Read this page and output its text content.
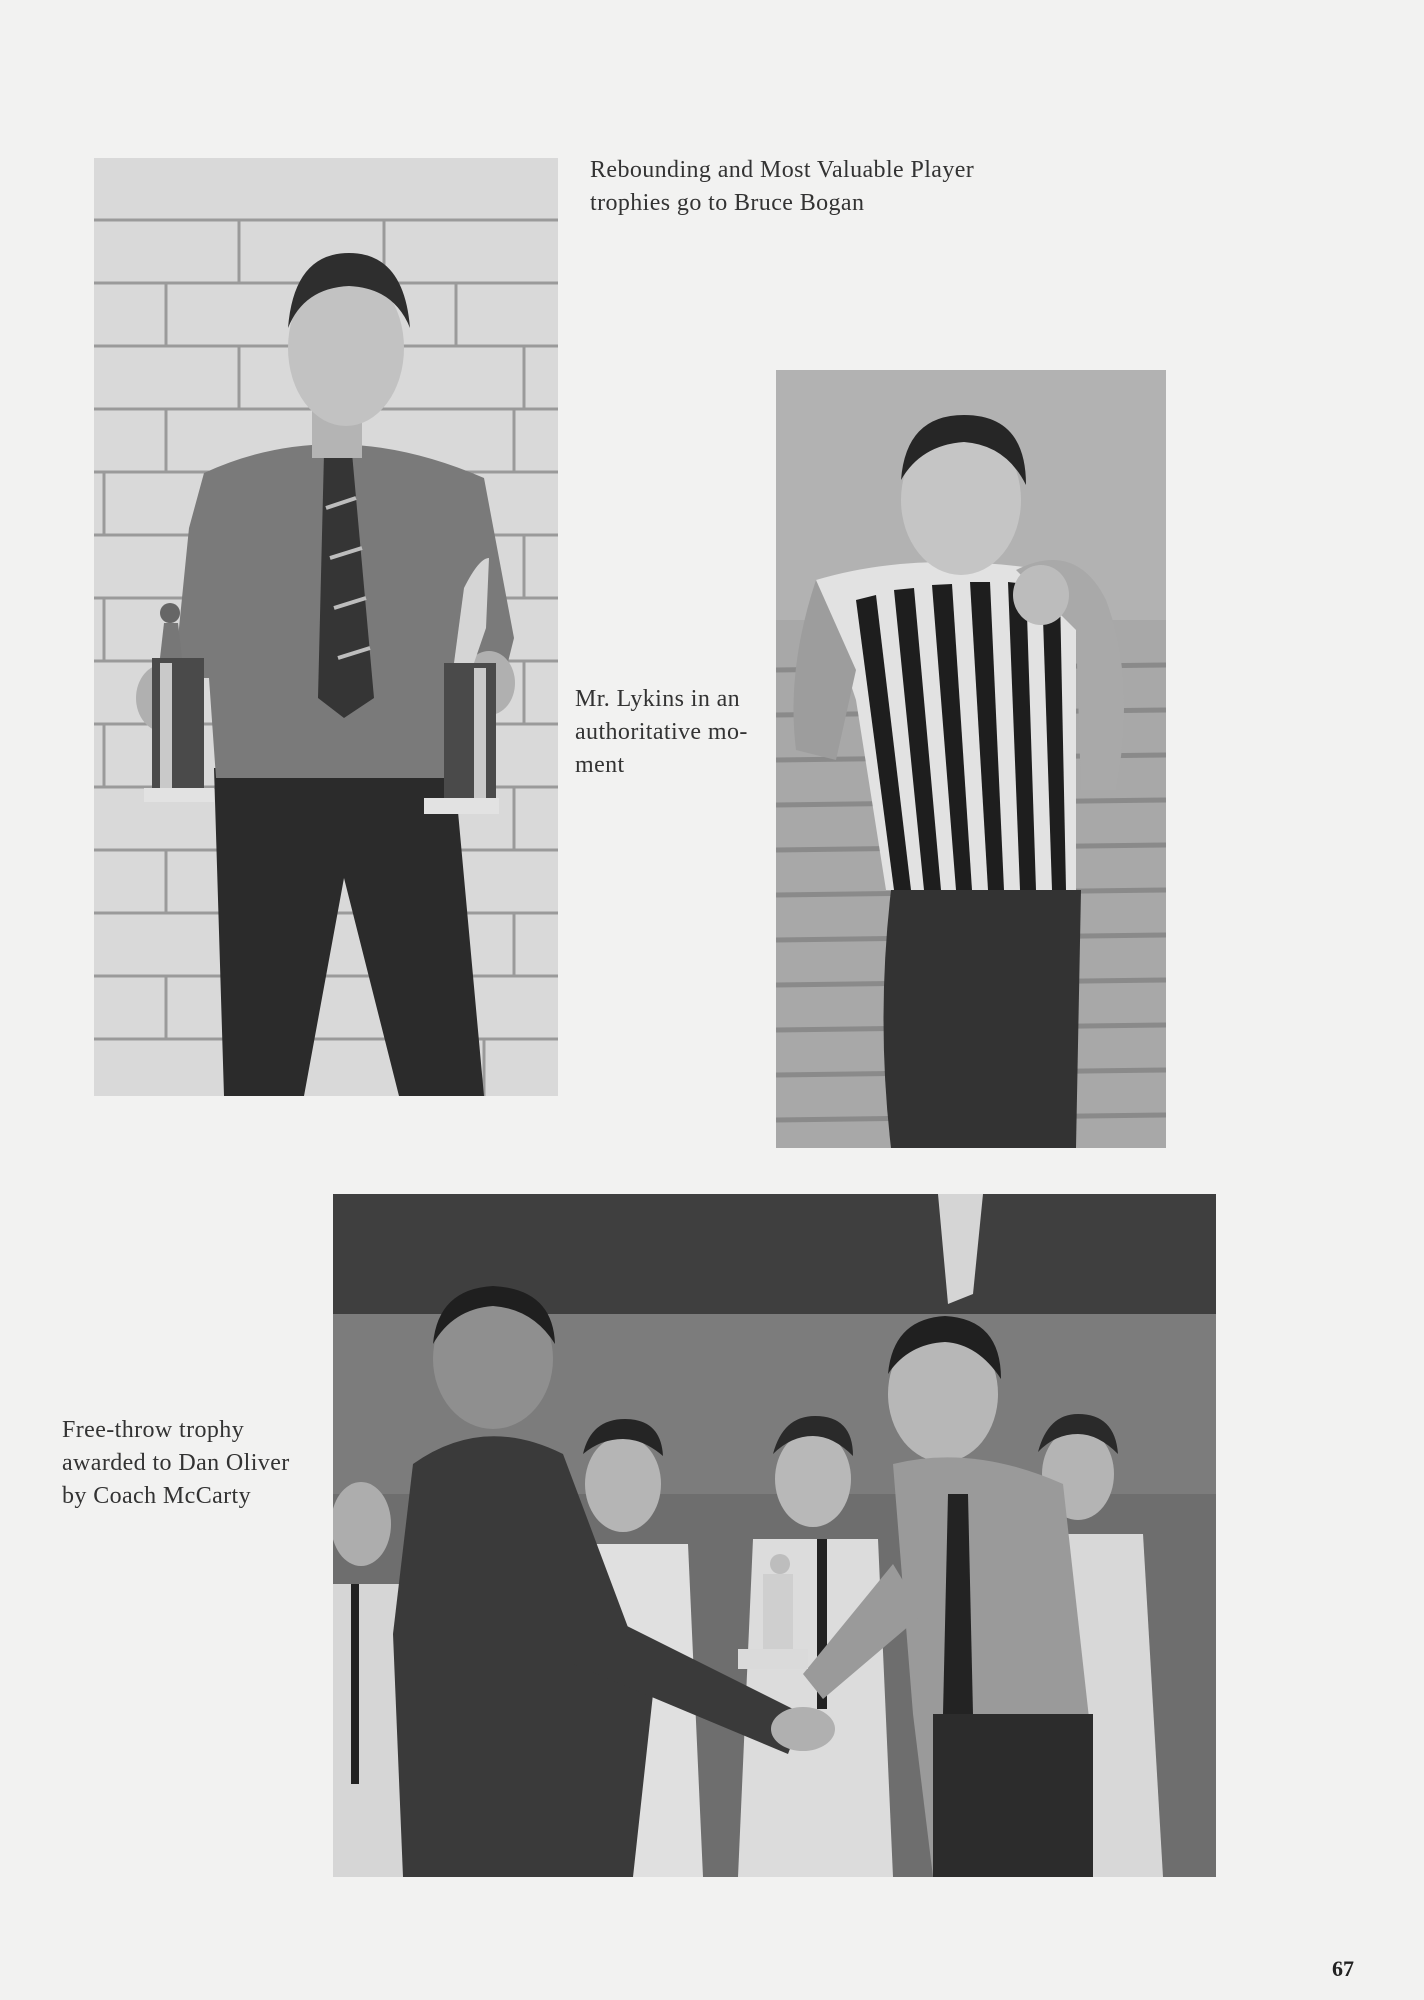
Rebounding and Most Valuable Player
trophies go to Bruce Bogan
Mr. Lykins in an
authoritative mo-
ment
Free-throw trophy
awarded to Dan Oliver
by Coach McCarty
67
